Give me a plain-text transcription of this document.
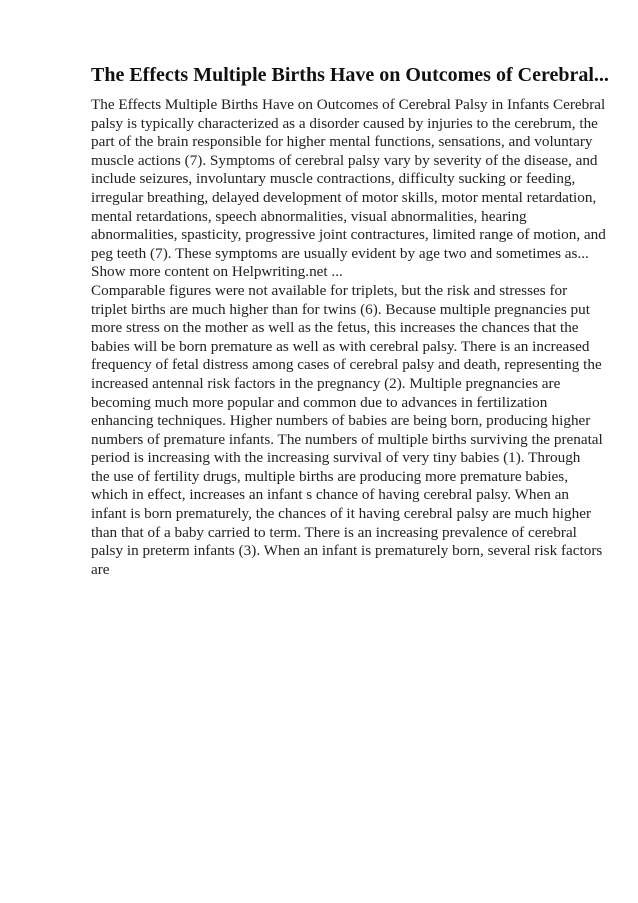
The Effects Multiple Births Have on Outcomes of Cerebral...
The Effects Multiple Births Have on Outcomes of Cerebral Palsy in Infants Cerebral
palsy is typically characterized as a disorder caused by injuries to the cerebrum, the
part of the brain responsible for higher mental functions, sensations, and voluntary
muscle actions (7). Symptoms of cerebral palsy vary by severity of the disease, and
include seizures, involuntary muscle contractions, difficulty sucking or feeding,
irregular breathing, delayed development of motor skills, motor mental retardation,
mental retardations, speech abnormalities, visual abnormalities, hearing
abnormalities, spasticity, progressive joint contractures, limited range of motion, and
peg teeth (7). These symptoms are usually evident by age two and sometimes as...
Show more content on Helpwriting.net ...
Comparable figures were not available for triplets, but the risk and stresses for
triplet births are much higher than for twins (6). Because multiple pregnancies put
more stress on the mother as well as the fetus, this increases the chances that the
babies will be born premature as well as with cerebral palsy. There is an increased
frequency of fetal distress among cases of cerebral palsy and death, representing the
increased antennal risk factors in the pregnancy (2). Multiple pregnancies are
becoming much more popular and common due to advances in fertilization
enhancing techniques. Higher numbers of babies are being born, producing higher
numbers of premature infants. The numbers of multiple births surviving the prenatal
period is increasing with the increasing survival of very tiny babies (1). Through
the use of fertility drugs, multiple births are producing more premature babies,
which in effect, increases an infant s chance of having cerebral palsy. When an
infant is born prematurely, the chances of it having cerebral palsy are much higher
than that of a baby carried to term. There is an increasing prevalence of cerebral
palsy in preterm infants (3). When an infant is prematurely born, several risk factors
are
